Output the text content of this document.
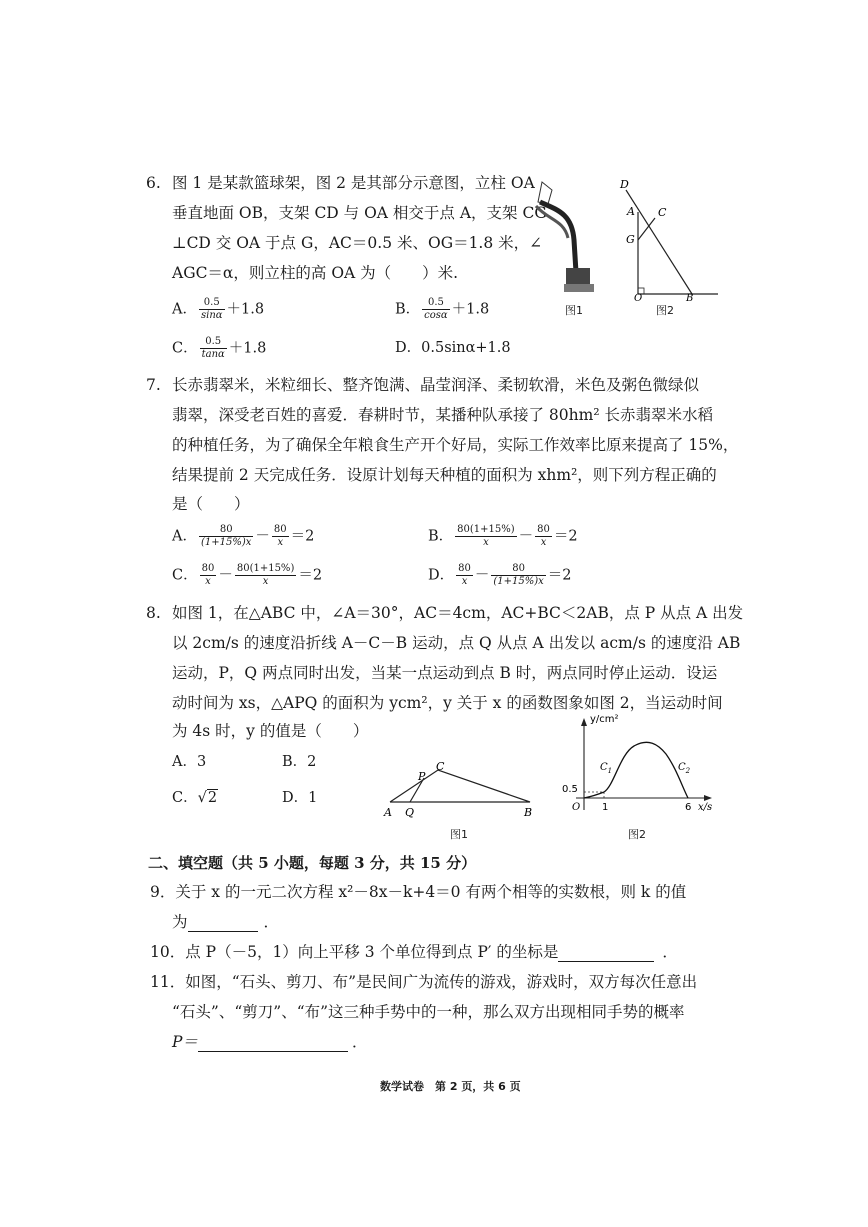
6. 图 1 是某款篮球架，图 2 是其部分示意图，立柱 OA
垂直地面 OB，支架 CD 与 OA 相交于点 A，支架 CG
⊥CD 交 OA 于点 G，AC＝0.5 米、OG＝1.8 米，∠
AGC＝α，则立柱的高 OA 为（　　）米.
A． $\frac{0.5}{\sin\alpha} +1.8$	B． $\frac{0.5}{\cos\alpha} +1.8$
C． $\frac{0.5}{\tan\alpha} +1.8$	D．0.5sinα+1.8
图1
D
A C
G
O	B
图2
7. 长赤翡翠米，米粒细长、整齐饱满、晶莹润泽、柔韧软滑，米色及粥色微绿似
翡翠，深受老百姓的喜爱．春耕时节，某播种队承接了 80hm² 长赤翡翠米水稻
的种植任务，为了确保全年粮食生产开个好局，实际工作效率比原来提高了 15%，
结果提前 2 天完成任务．设原计划每天种植的面积为 xhm²，则下列方程正确的
是（　　）
A． $\frac{80}{(1+15\%)x} - \frac{80}{x} =2$	B． $\frac{80(1+15\%)}{x} - \frac{80}{x} =2$
C． $\frac{80}{x} - \frac{80(1+15\%)}{x} =2$	D． $\frac{80}{x} - \frac{80}{(1+15\%)x} =2$
8. 如图 1，在△ABC 中，∠A＝30°，AC＝4cm，AC+BC＜2AB，点 P 从点 A 出发
以 2cm/s 的速度沿折线 A－C－B 运动，点 Q 从点 A 出发以 acm/s 的速度沿 AB
运动，P，Q 两点同时出发，当某一点运动到点 B 时，两点同时停止运动．设运
动时间为 xs，△APQ 的面积为 ycm²，y 关于 x 的函数图象如图 2，当运动时间
为 4s 时，y 的值是（　　）
A．3	B．2
C．√2	D．1
A Q
P
C
B
图1
y/cm²
x/s
O
0.5
1	6
$C_1$	$C_2$
图2
二、填空题（共 5 小题，每题 3 分，共 15 分）
9．关于 x 的一元二次方程 x²－8x－k+4＝0 有两个相等的实数根，则 k 的值
为	．
10．点 P（－5，1）向上平移 3 个单位得到点 P′ 的坐标是	．
11．如图，“石头、剪刀、布”是民间广为流传的游戏，游戏时，双方每次任意出
“石头”、“剪刀”、“布”这三种手势中的一种，那么双方出现相同手势的概率
P＝	．
数学试卷　第 2 页，共 6 页
